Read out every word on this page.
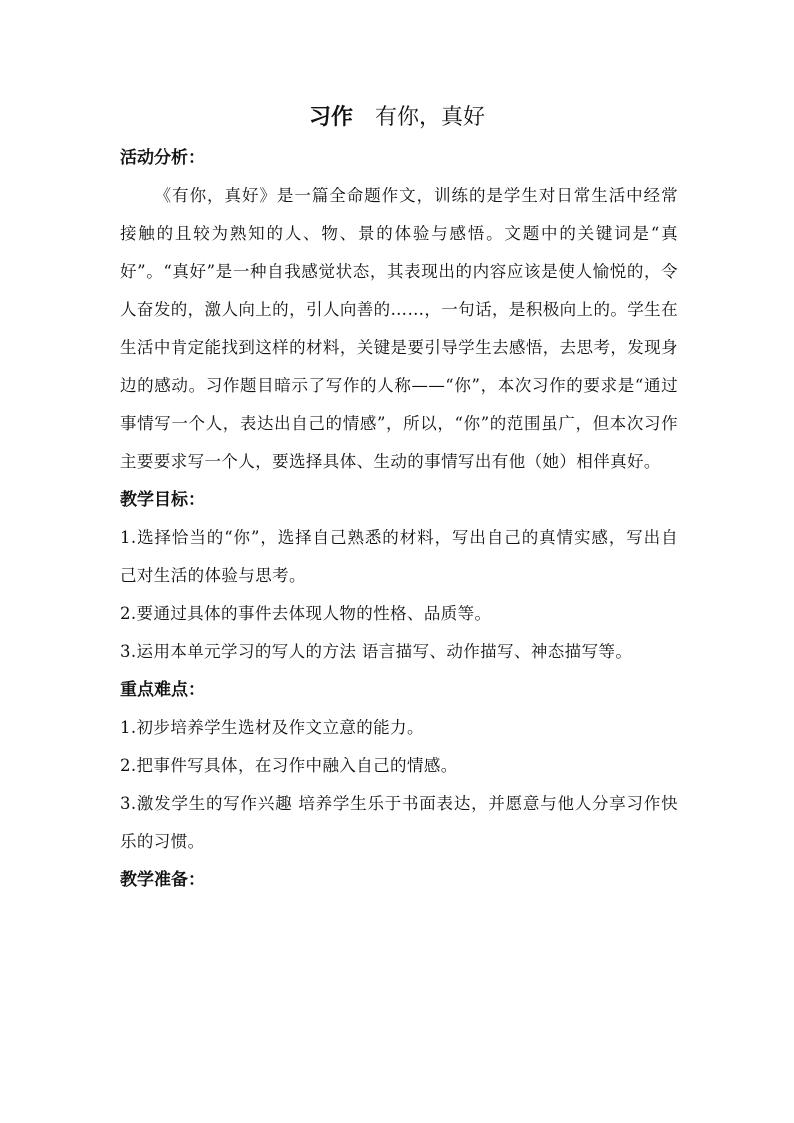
习作 有你，真好
活动分析：
《有你，真好》是一篇全命题作文，训练的是学生对日常生活中经常接触的且较为熟知的人、物、景的体验与感悟。文题中的关键词是“真好”。“真好”是一种自我感觉状态，其表现出的内容应该是使人愉悦的，令人奋发的，激人向上的，引人向善的……，一句话，是积极向上的。学生在生活中肯定能找到这样的材料，关键是要引导学生去感悟，去思考，发现身边的感动。习作题目暗示了写作的人称——“你”，本次习作的要求是“通过事情写一个人，表达出自己的情感”，所以，“你”的范围虽广，但本次习作主要要求写一个人，要选择具体、生动的事情写出有他（她）相伴真好。
教学目标：
1.选择恰当的“你”，选择自己熟悉的材料，写出自己的真情实感，写出自己对生活的体验与思考。
2.要通过具体的事件去体现人物的性格、品质等。
3.运用本单元学习的写人的方法 语言描写、动作描写、神态描写等。
重点难点：
1.初步培养学生选材及作文立意的能力。
2.把事件写具体，在习作中融入自己的情感。
3.激发学生的写作兴趣 培养学生乐于书面表达，并愿意与他人分享习作快乐的习惯。
教学准备：
